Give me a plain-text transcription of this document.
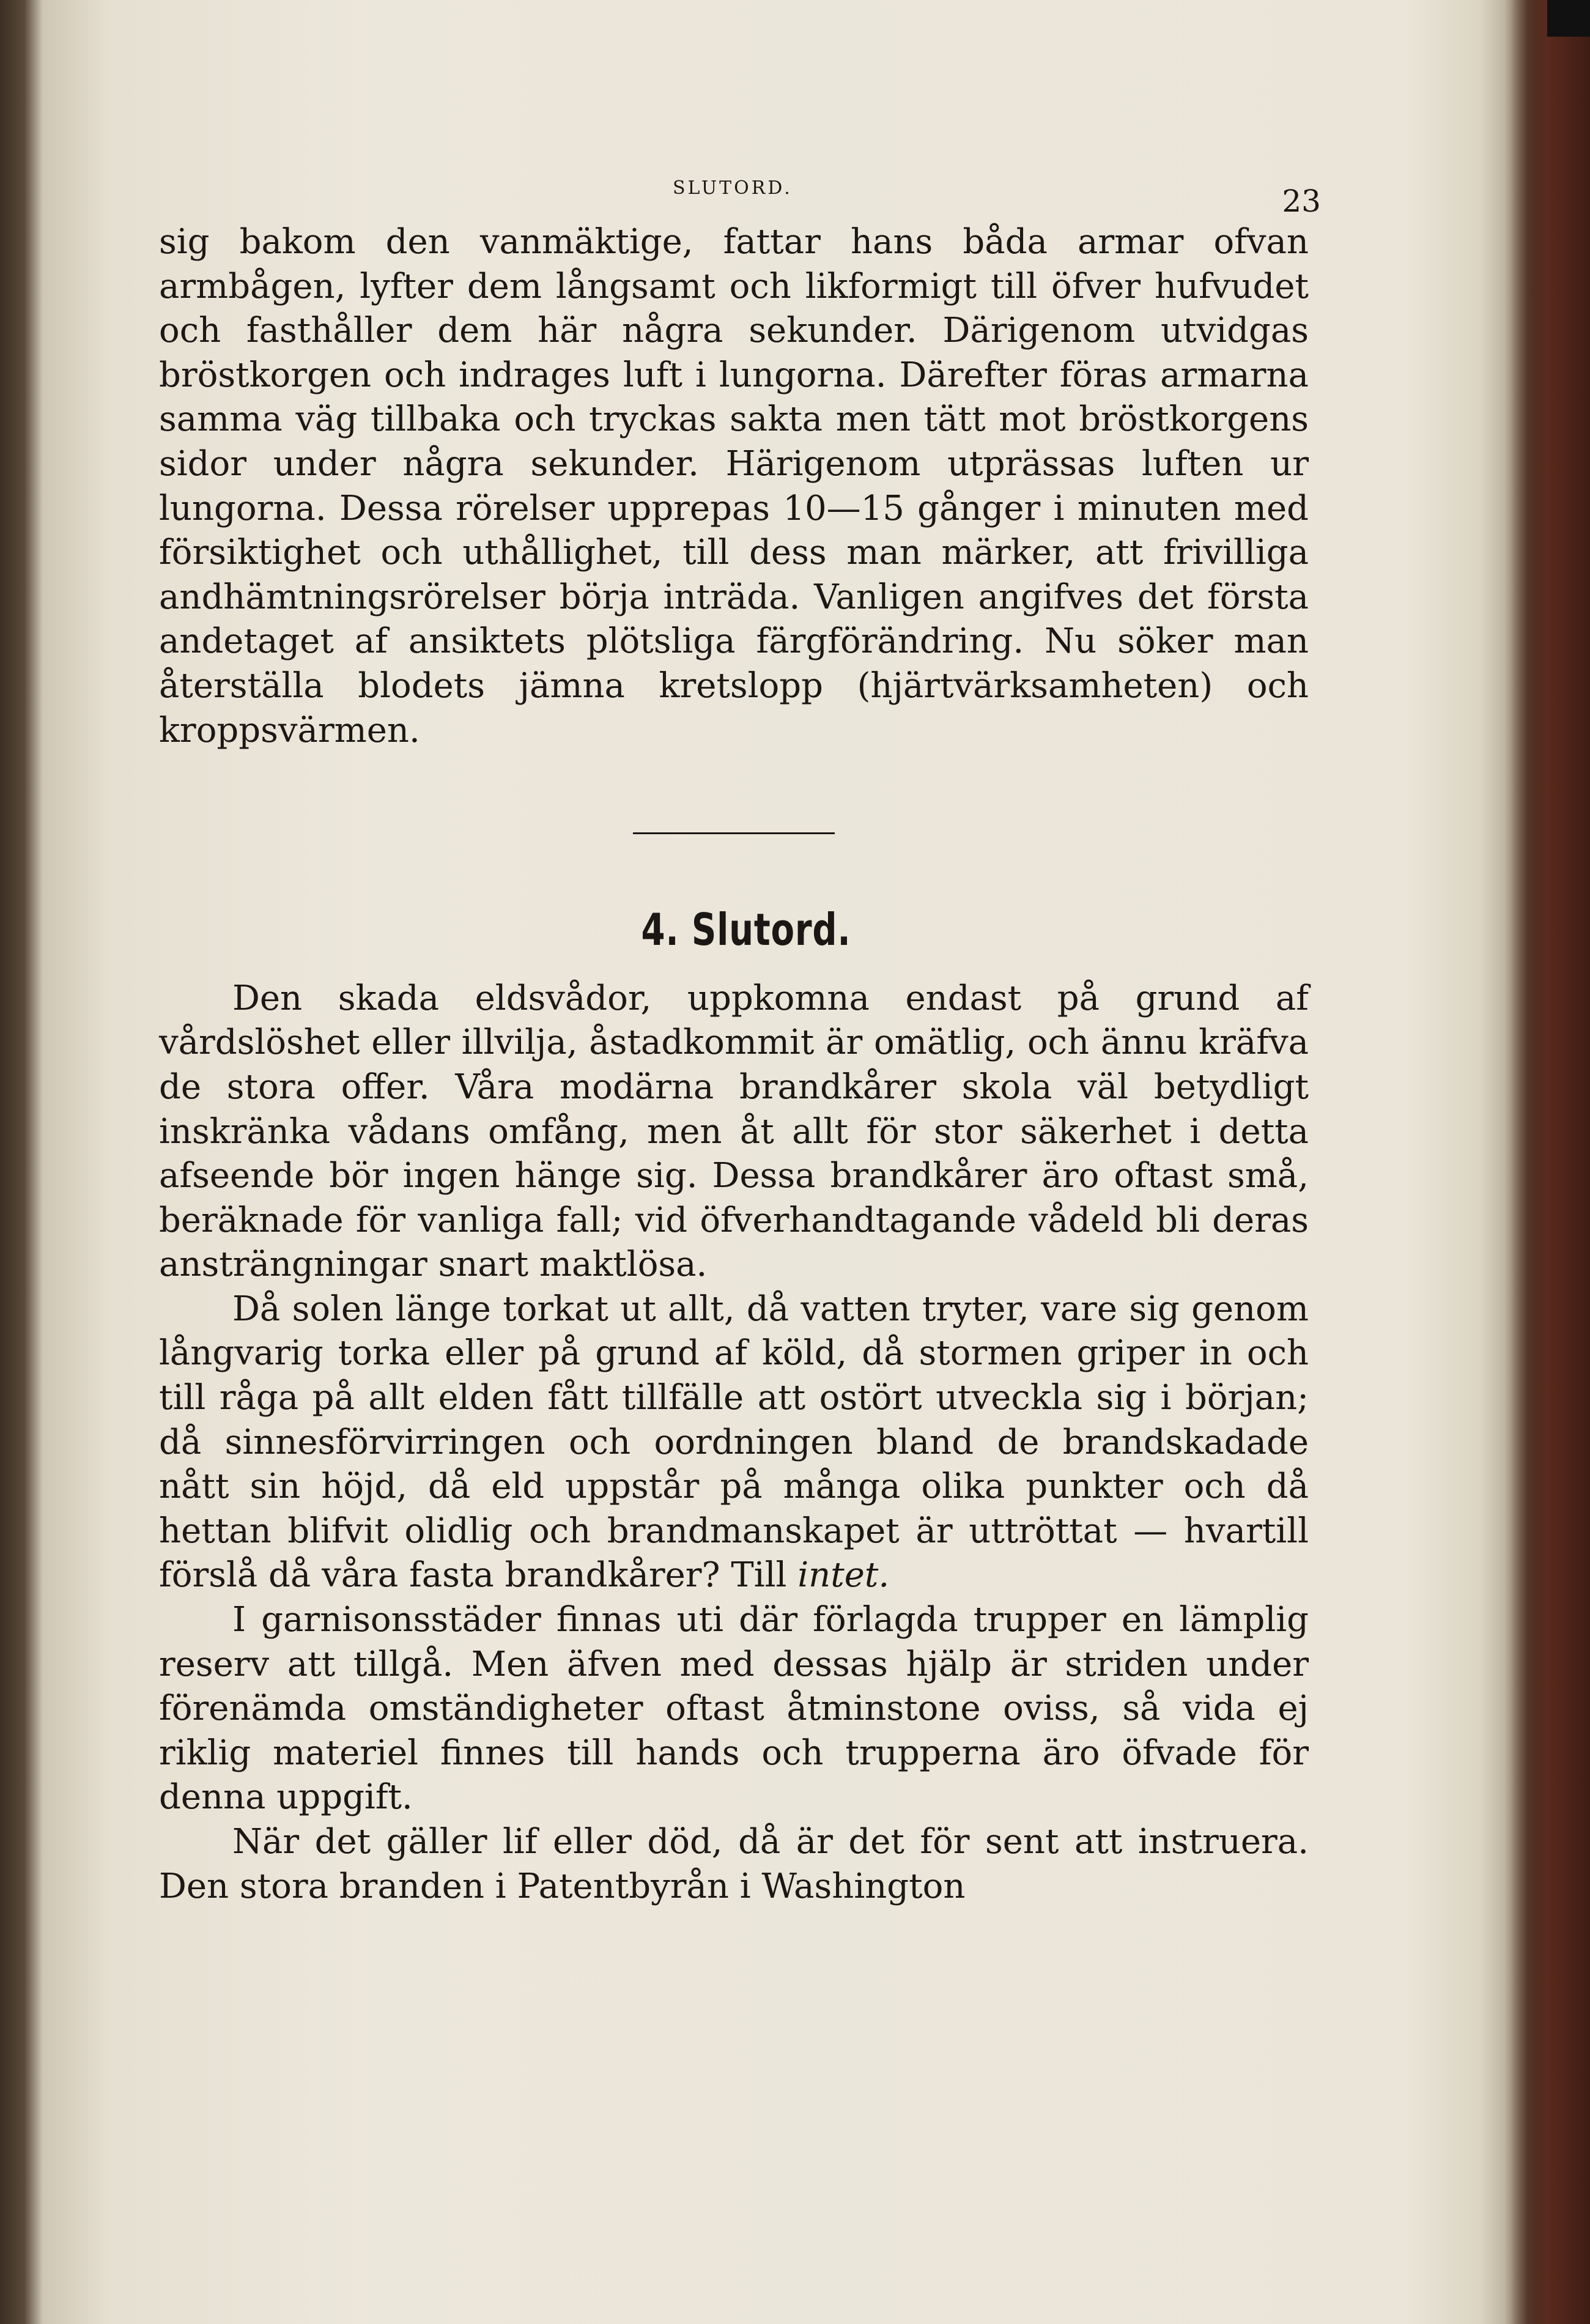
SLUTORD.	23

sig bakom den vanmäktige, fattar hans båda armar ofvan armbågen, lyfter dem långsamt och likformigt till öfver hufvudet och fasthåller dem här några sekunder. Därigenom utvidgas bröstkorgen och indrages luft i lungorna. Därefter föras armarna samma väg tillbaka och tryckas sakta men tätt mot bröstkorgens sidor under några sekunder. Härigenom utprässas luften ur lungorna. Dessa rörelser upprepas 10—15 gånger i minuten med försiktighet och uthållighet, till dess man märker, att frivilliga andhämtningsrörelser börja inträda. Vanligen angifves det första andetaget af ansiktets plötsliga färgförändring. Nu söker man återställa blodets jämna kretslopp (hjärtvärksamheten) och kroppsvärmen.

4. Slutord.

Den skada eldsvådor, uppkomna endast på grund af vårdslöshet eller illvilja, åstadkommit är omätlig, och ännu kräfva de stora offer. Våra modärna brandkårer skola väl betydligt inskränka vådans omfång, men åt allt för stor säkerhet i detta afseende bör ingen hänge sig. Dessa brandkårer äro oftast små, beräknade för vanliga fall; vid öfverhandtagande vådeld bli deras ansträngningar snart maktlösa.

Då solen länge torkat ut allt, då vatten tryter, vare sig genom långvarig torka eller på grund af köld, då stormen griper in och till råga på allt elden fått tillfälle att ostört utveckla sig i början; då sinnesförvirringen och oordningen bland de brandskadade nått sin höjd, då eld uppstår på många olika punkter och då hettan blifvit olidlig och brandmanskapet är uttröttat — hvartill förslå då våra fasta brandkårer? Till intet.

I garnisonsstäder finnas uti där förlagda trupper en lämplig reserv att tillgå. Men äfven med dessas hjälp är striden under förenämda omständigheter oftast åtminstone oviss, så vida ej riklig materiel finnes till hands och trupperna äro öfvade för denna uppgift.

När det gäller lif eller död, då är det för sent att instruera. Den stora branden i Patentbyrån i Washington
